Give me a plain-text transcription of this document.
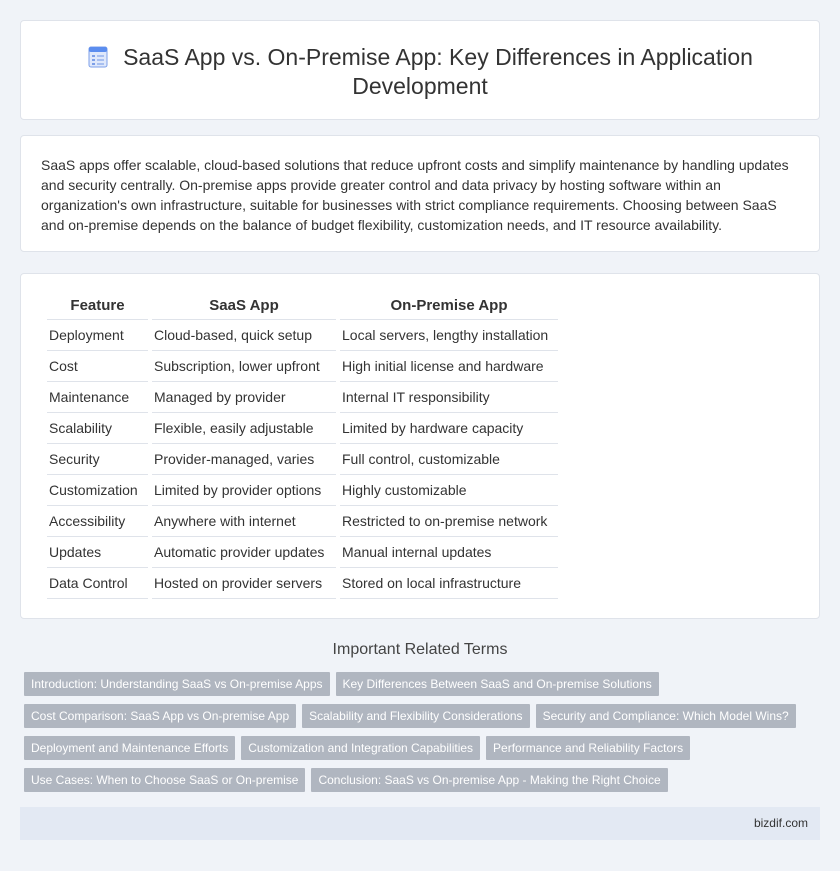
SaaS App vs. On-Premise App: Key Differences in Application Development

SaaS apps offer scalable, cloud-based solutions that reduce upfront costs and simplify maintenance by handling updates and security centrally. On-premise apps provide greater control and data privacy by hosting software within an organization's own infrastructure, suitable for businesses with strict compliance requirements. Choosing between SaaS and on-premise depends on the balance of budget flexibility, customization needs, and IT resource availability.

Feature	SaaS App	On-Premise App
Deployment	Cloud-based, quick setup	Local servers, lengthy installation
Cost	Subscription, lower upfront	High initial license and hardware
Maintenance	Managed by provider	Internal IT responsibility
Scalability	Flexible, easily adjustable	Limited by hardware capacity
Security	Provider-managed, varies	Full control, customizable
Customization	Limited by provider options	Highly customizable
Accessibility	Anywhere with internet	Restricted to on-premise network
Updates	Automatic provider updates	Manual internal updates
Data Control	Hosted on provider servers	Stored on local infrastructure
Important Related Terms
Introduction: Understanding SaaS vs On-premise Apps	Key Differences Between SaaS and On-premise Solutions
Cost Comparison: SaaS App vs On-premise App	Scalability and Flexibility Considerations	Security and Compliance: Which Model Wins?
Deployment and Maintenance Efforts	Customization and Integration Capabilities	Performance and Reliability Factors
Use Cases: When to Choose SaaS or On-premise	Conclusion: SaaS vs On-premise App - Making the Right Choice
bizdif.com
